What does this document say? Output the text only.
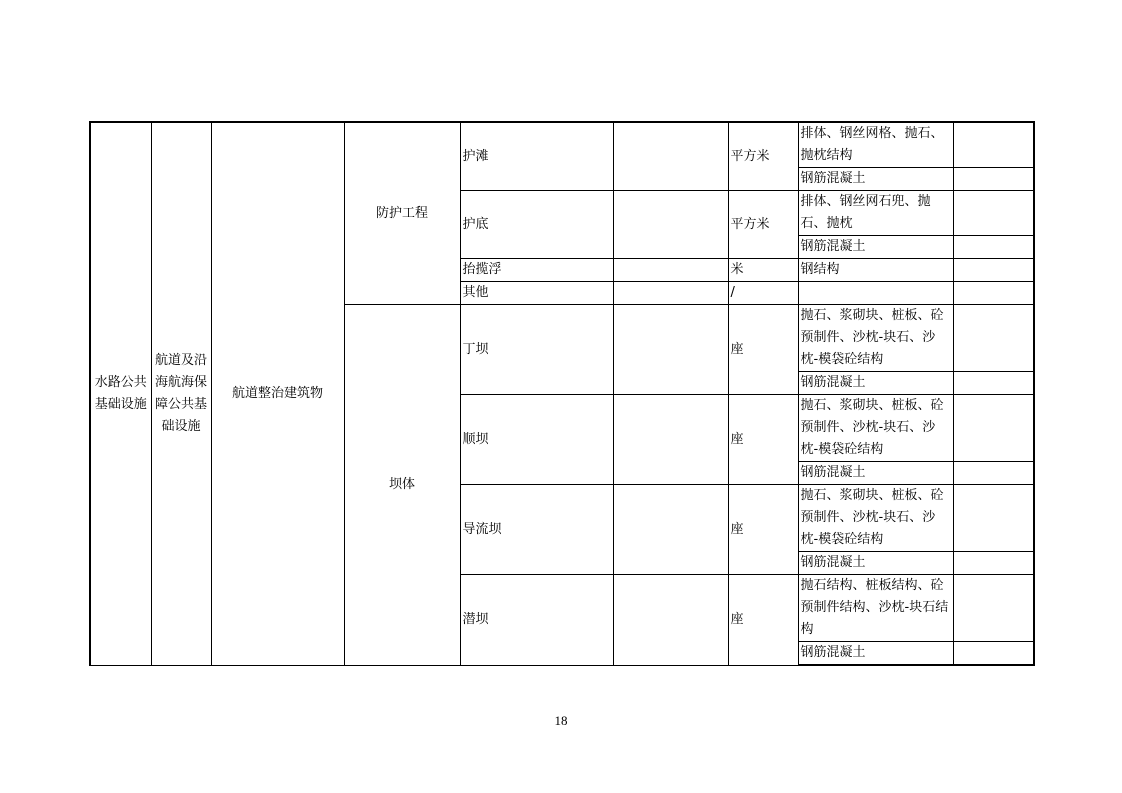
水路公共基础设施	航道及沿海航海保障公共基础设施	航道整治建筑物	防护工程	护滩		平方米	排体、钢丝网格、抛石、抛枕结构	
							钢筋混凝土	
				护底		平方米	排体、钢丝网石兜、抛石、抛枕	
							钢筋混凝土	
				抬揽浮		米	钢结构	
				其他		/		
			坝体	丁坝		座	抛石、浆砌块、桩板、砼预制件、沙枕-块石、沙枕-模袋砼结构	
							钢筋混凝土	
				顺坝		座	抛石、浆砌块、桩板、砼预制件、沙枕-块石、沙枕-模袋砼结构	
							钢筋混凝土	
				导流坝		座	抛石、浆砌块、桩板、砼预制件、沙枕-块石、沙枕-模袋砼结构	
							钢筋混凝土	
				潜坝		座	抛石结构、桩板结构、砼预制件结构、沙枕-块石结构	
							钢筋混凝土	
18
